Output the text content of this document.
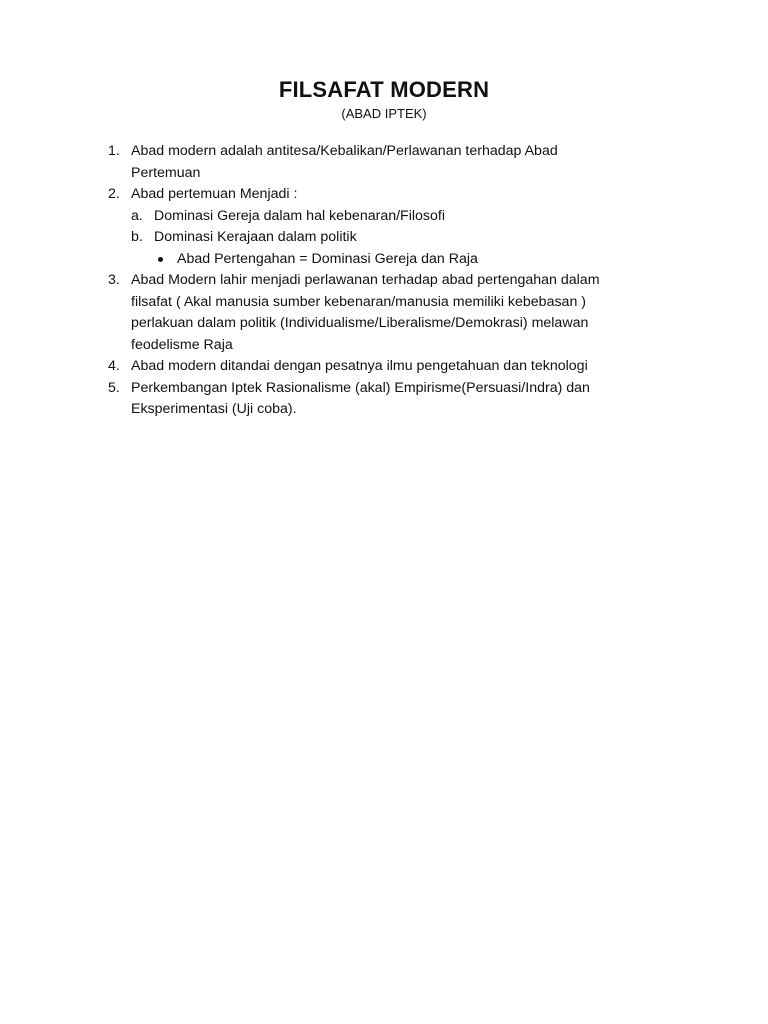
FILSAFAT MODERN
(ABAD IPTEK)
1. Abad modern adalah antitesa/Kebalikan/Perlawanan terhadap Abad
Pertemuan
2. Abad pertemuan Menjadi :
a. Dominasi Gereja dalam hal kebenaran/Filosofi
b. Dominasi Kerajaan dalam politik
Abad Pertengahan = Dominasi Gereja dan Raja
3. Abad Modern lahir menjadi perlawanan terhadap abad pertengahan dalam
filsafat ( Akal manusia sumber kebenaran/manusia memiliki kebebasan )
perlakuan dalam politik (Individualisme/Liberalisme/Demokrasi) melawan
feodelisme Raja
4. Abad modern ditandai dengan pesatnya ilmu pengetahuan dan teknologi
5. Perkembangan Iptek Rasionalisme (akal) Empirisme(Persuasi/Indra) dan
Eksperimentasi (Uji coba).
